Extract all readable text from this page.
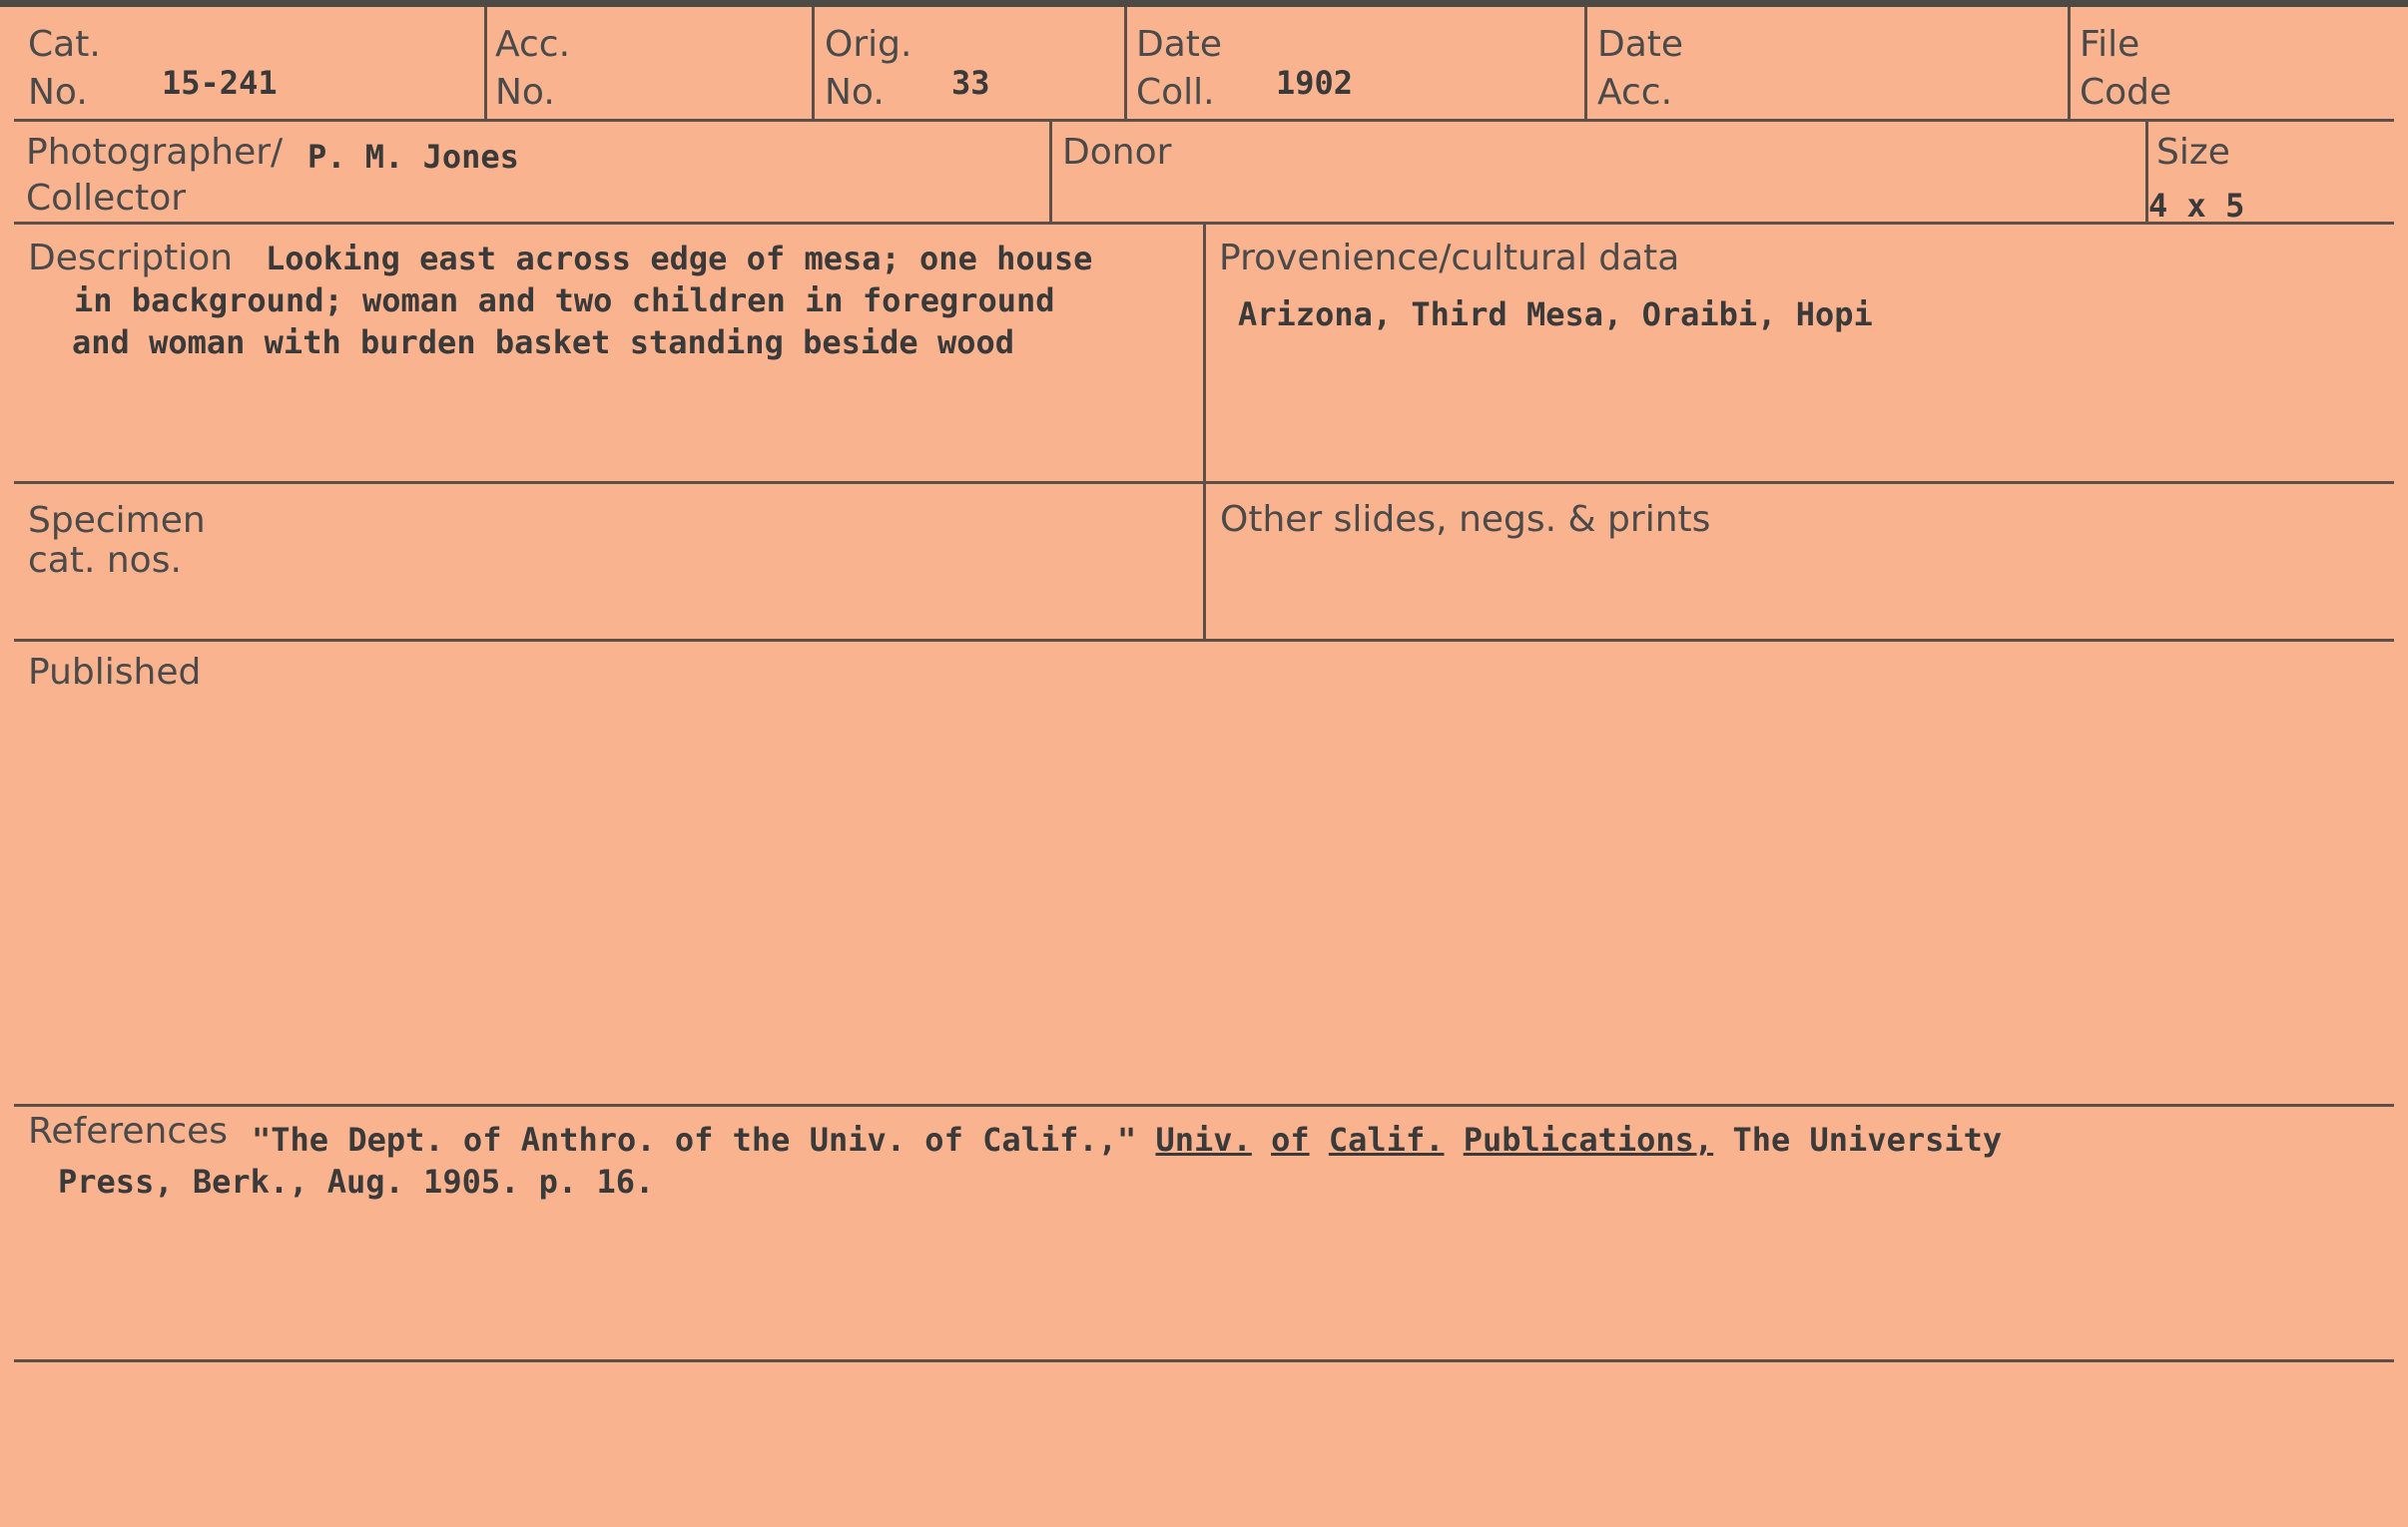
Cat.
No. 15-241
Acc.
No.
Orig.
No. 33
Date
Coll. 1902
Date
Acc.
File
Code
Photographer/
Collector
P. M. Jones	Donor	Size
4 x 5
Description Looking east across edge of mesa; one house
in background; woman and two children in foreground
and woman with burden basket standing beside wood
Provenience/cultural data
Arizona, Third Mesa, Oraibi, Hopi
Specimen
cat. nos.
Other slides, negs. & prints
Published
References "The Dept. of Anthro. of the Univ. of Calif.," Univ. of Calif. Publications, The University
Press, Berk., Aug. 1905. p. 16.
